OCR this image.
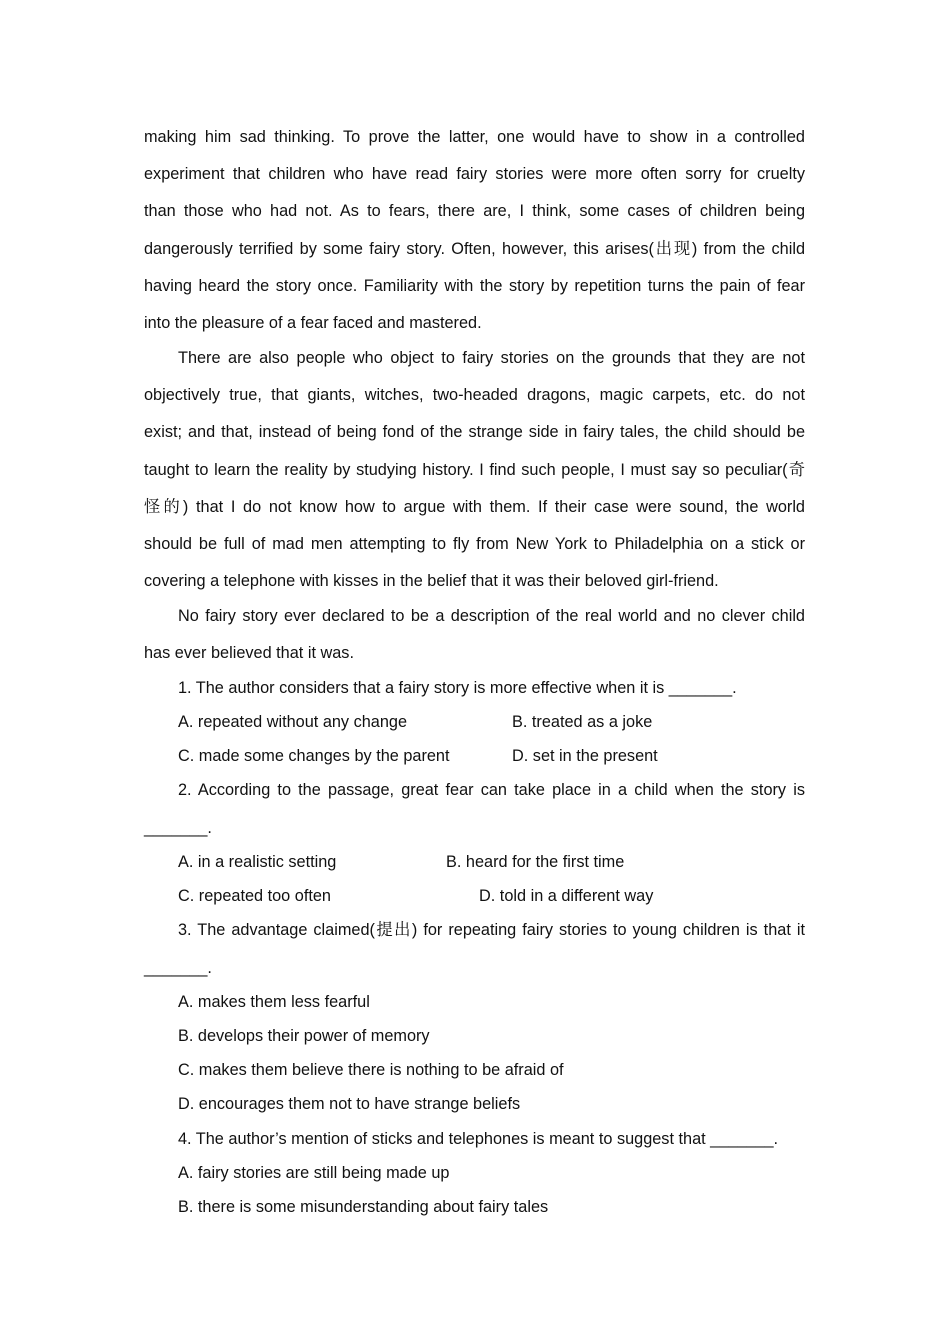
making him sad thinking. To prove the latter, one would have to show in a controlled
experiment that children who have read fairy stories were more often sorry for cruelty
than those who had not. As to fears, there are, I think, some cases of children being
dangerously terrified by some fairy story. Often, however, this arises(出现) from the child
having heard the story once. Familiarity with the story by repetition turns the pain of fear
into the pleasure of a fear faced and mastered.
There are also people who object to fairy stories on the grounds that they are not
objectively true, that giants, witches, two-headed dragons, magic carpets, etc. do not
exist; and that, instead of being fond of the strange side in fairy tales, the child should be
taught to learn the reality by studying history. I find such people, I must say so peculiar(奇
怪的) that I do not know how to argue with them. If their case were sound, the world
should be full of mad men attempting to fly from New York to Philadelphia on a stick or
covering a telephone with kisses in the belief that it was their beloved girl-friend.
No fairy story ever declared to be a description of the real world and no clever child
has ever believed that it was.
1. The author considers that a fairy story is more effective when it is _______.
A. repeated without any change	B. treated as a joke
C. made some changes by the parent	D. set in the present
2. According to the passage, great fear can take place in a child when the story is
_______.
A. in a realistic setting	B. heard for the first time
C. repeated too often	D. told in a different way
3. The advantage claimed(提出) for repeating fairy stories to young children is that it
_______.
A. makes them less fearful
B. develops their power of memory
C. makes them believe there is nothing to be afraid of
D. encourages them not to have strange beliefs
4. The author’s mention of sticks and telephones is meant to suggest that _______.
A. fairy stories are still being made up
B. there is some misunderstanding about fairy tales
